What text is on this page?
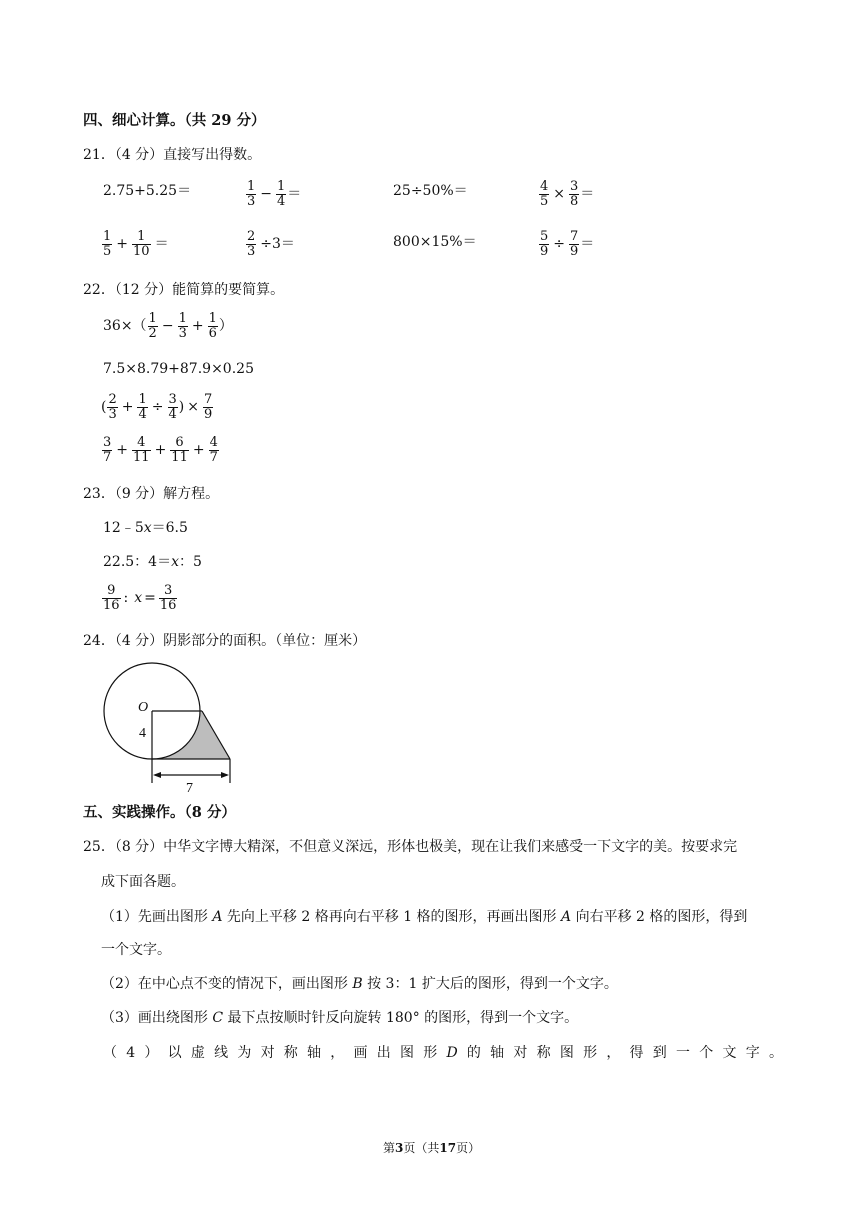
四、细心计算。（共 29 分）
21．（4 分）直接写出得数。
2.75+5.25＝	$\frac{1}{3} - \frac{1}{4}$ ＝	25÷50%＝	$\frac{4}{5} \times \frac{3}{8}$ ＝
$\frac{1}{5} + \frac{1}{10}$ ＝	$\frac{2}{3} \div 3=$	800×15%＝	$\frac{5}{9} \div \frac{7}{9}$ ＝
22．（12 分）能简算的要简算。
$36\times( \frac{1}{2} - \frac{1}{3} + \frac{1}{6}$ ）
7.5×8.79+87.9×0.25
( $\frac{2}{3} + \frac{1}{4} \div \frac{3}{4}$ ) × $\frac{7}{9}$
$\frac{3}{7} + \frac{4}{11} + \frac{6}{11} + \frac{4}{7}$
23．（9 分）解方程。
12﹣5x＝6.5
22.5：4＝x：5
$\frac{9}{16}$ : $x = \frac{3}{16}$
24．（4 分）阴影部分的面积。（单位：厘米）
O
4
7
五、实践操作。（8 分）
25．（8 分）中华文字博大精深，不但意义深远，形体也极美，现在让我们来感受一下文字的美。按要求完
成下面各题。
（1）先画出图形 A 先向上平移 2 格再向右平移 1 格的图形，再画出图形 A 向右平移 2 格的图形，得到
一个文字。
（2）在中心点不变的情况下，画出图形 B 按 3：1 扩大后的图形，得到一个文字。
（3）画出绕图形 C 最下点按顺时针反向旋转 180° 的图形，得到一个文字。
（ 4 ） 以 虚 线 为 对 称 轴 ， 画 出 图 形 D 的 轴 对 称 图 形 ， 得 到 一 个 文 字 。
第3页（共17页）
